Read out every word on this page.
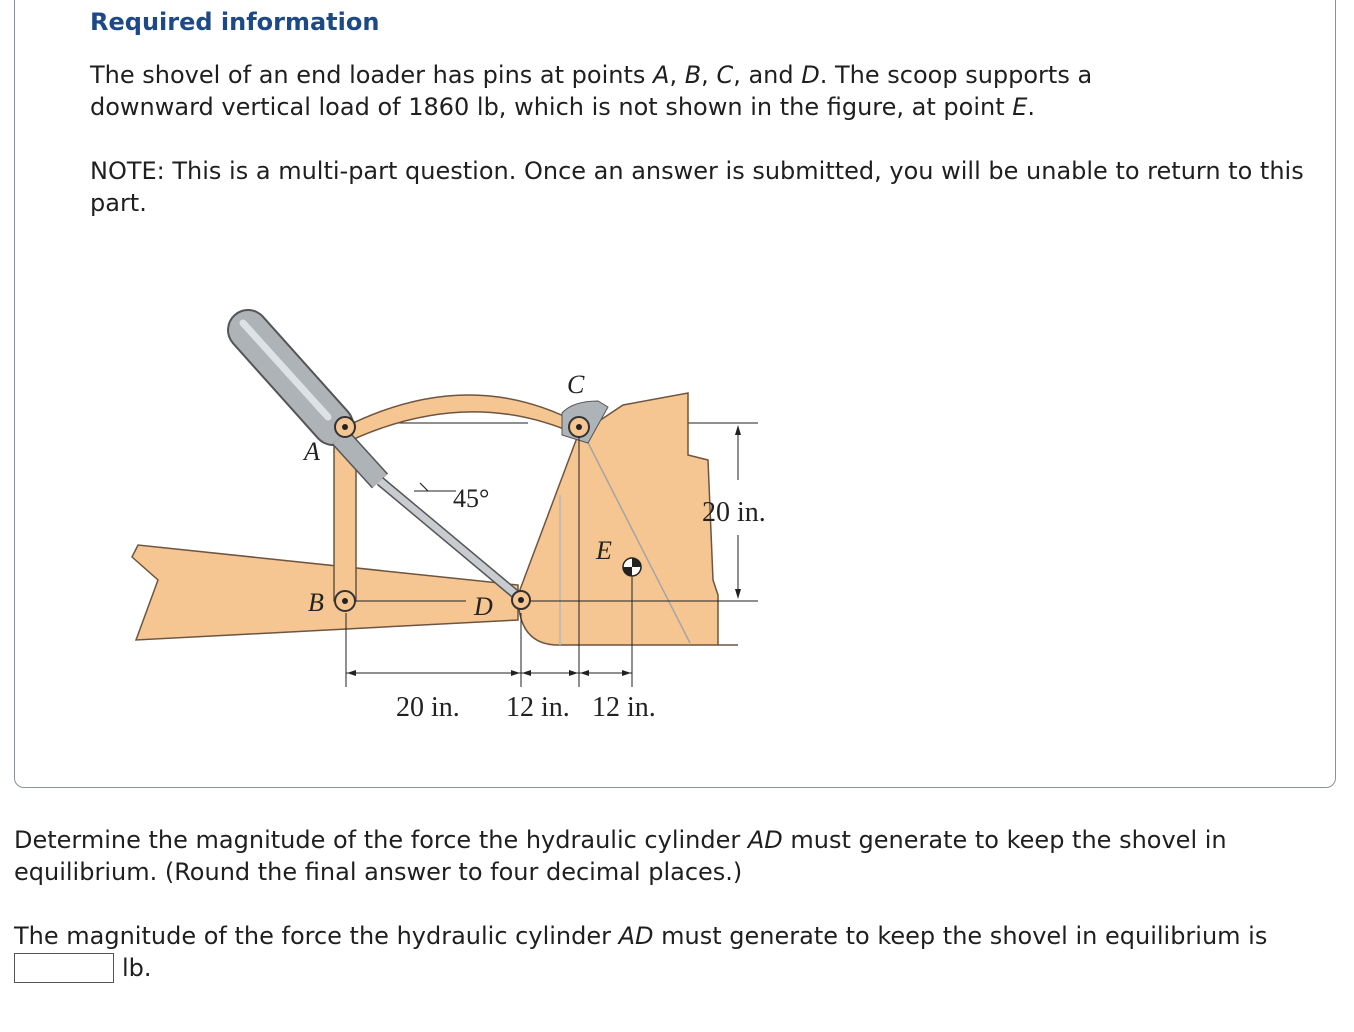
Required information

The shovel of an end loader has pins at points A, B, C, and D. The scoop supports a downward vertical load of 1860 lb, which is not shown in the figure, at point E.

NOTE: This is a multi-part question. Once an answer is submitted, you will be unable to return to this part.

A
B
C
D
E
45°	20 in.
20 in. 12 in. 12 in.

Determine the magnitude of the force the hydraulic cylinder AD must generate to keep the shovel in equilibrium. (Round the final answer to four decimal places.)

The magnitude of the force the hydraulic cylinder AD must generate to keep the shovel in equilibrium is
lb.
